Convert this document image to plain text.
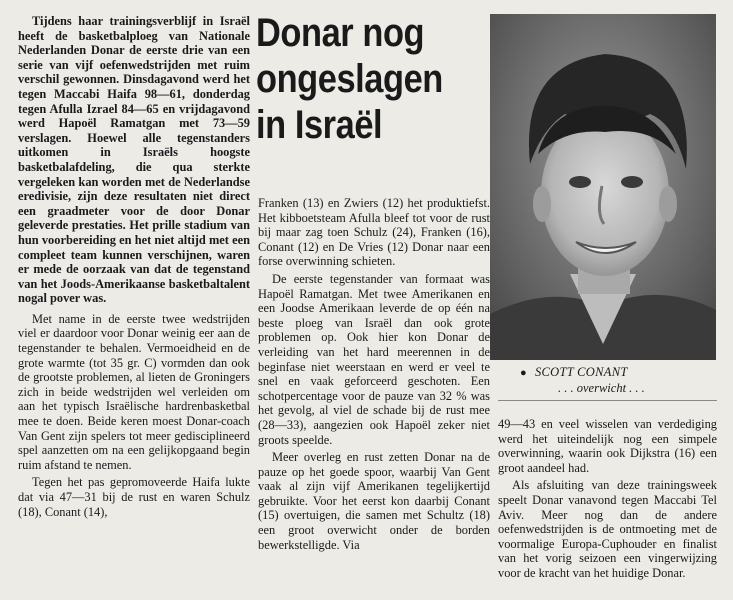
Donar nog
ongeslagen
in Israël

Tijdens haar trainingsverblijf in Israël heeft de basketbalploeg van Nationale Nederlanden Donar de eerste drie van een serie van vijf oefenwedstrijden met ruim verschil gewonnen. Dinsdagavond werd het tegen Maccabi Haifa 98—61, donderdag tegen Afulla Izrael 84—65 en vrijdagavond werd Hapoël Ramatgan met 73—59 verslagen. Hoewel alle tegenstanders uitkomen in Israëls hoogste basketbalafdeling, die qua sterkte vergeleken kan worden met de Nederlandse eredivisie, zijn deze resultaten niet direct een graadmeter voor de door Donar geleverde prestaties. Het prille stadium van hun voorbereiding en het niet altijd met een compleet team kunnen verschijnen, waren er mede de oorzaak van dat de tegenstand van het Joods-Amerikaanse basketbaltalent nogal pover was.

Met name in de eerste twee wedstrijden viel er daardoor voor Donar weinig eer aan de tegenstander te behalen. Vermoeidheid en de grote warmte (tot 35 gr. C) vormden dan ook de grootste problemen, al lieten de Groningers zich in beide wedstrijden wel verleiden om aan het typisch Israëlische hardrenbasketbal mee te doen. Beide keren moest Donar-coach Van Gent zijn spelers tot meer gedisciplineerd spel aanzetten om na een gelijkopgaand begin ruim afstand te nemen.

Tegen het pas gepromoveerde Haifa lukte dat via 47—31 bij de rust en waren Schulz (18), Conant (14),

Franken (13) en Zwiers (12) het produktiefst. Het kibboetsteam Afulla bleef tot voor de rust bij maar zag toen Schulz (24), Franken (16), Conant (12) en De Vries (12) Donar naar een forse overwinning schieten.

De eerste tegenstander van formaat was Hapoël Ramatgan. Met twee Amerikanen en een Joodse Amerikaan leverde de op één na beste ploeg van Israël dan ook grote problemen op. Ook hier kon Donar de verleiding van het hard meerennen in de beginfase niet weerstaan en werd er veel te snel en vaak geforceerd geschoten. Een schotpercentage voor de pauze van 32 % was het gevolg, al viel de schade bij de rust mee (28—33), aangezien ook Hapoël zeker niet groots speelde.

Meer overleg en rust zetten Donar na de pauze op het goede spoor, waarbij Van Gent vaak al zijn vijf Amerikanen tegelijkertijd gebruikte. Voor het eerst kon daarbij Conant (15) overtuigen, die samen met Schultz (18) een groot overwicht onder de borden bewerkstelligde. Via

● SCOTT CONANT
. . . overwicht . . .

49—43 en veel wisselen van verdediging werd het uiteindelijk nog een simpele overwinning, waarin ook Dijkstra (16) een groot aandeel had.

Als afsluiting van deze trainingsweek speelt Donar vanavond tegen Maccabi Tel Aviv. Meer nog dan de andere oefenwedstrijden is de ontmoeting met de voormalige Europa-Cuphouder en finalist van het vorig seizoen een vingerwijzing voor de kracht van het huidige Donar.
